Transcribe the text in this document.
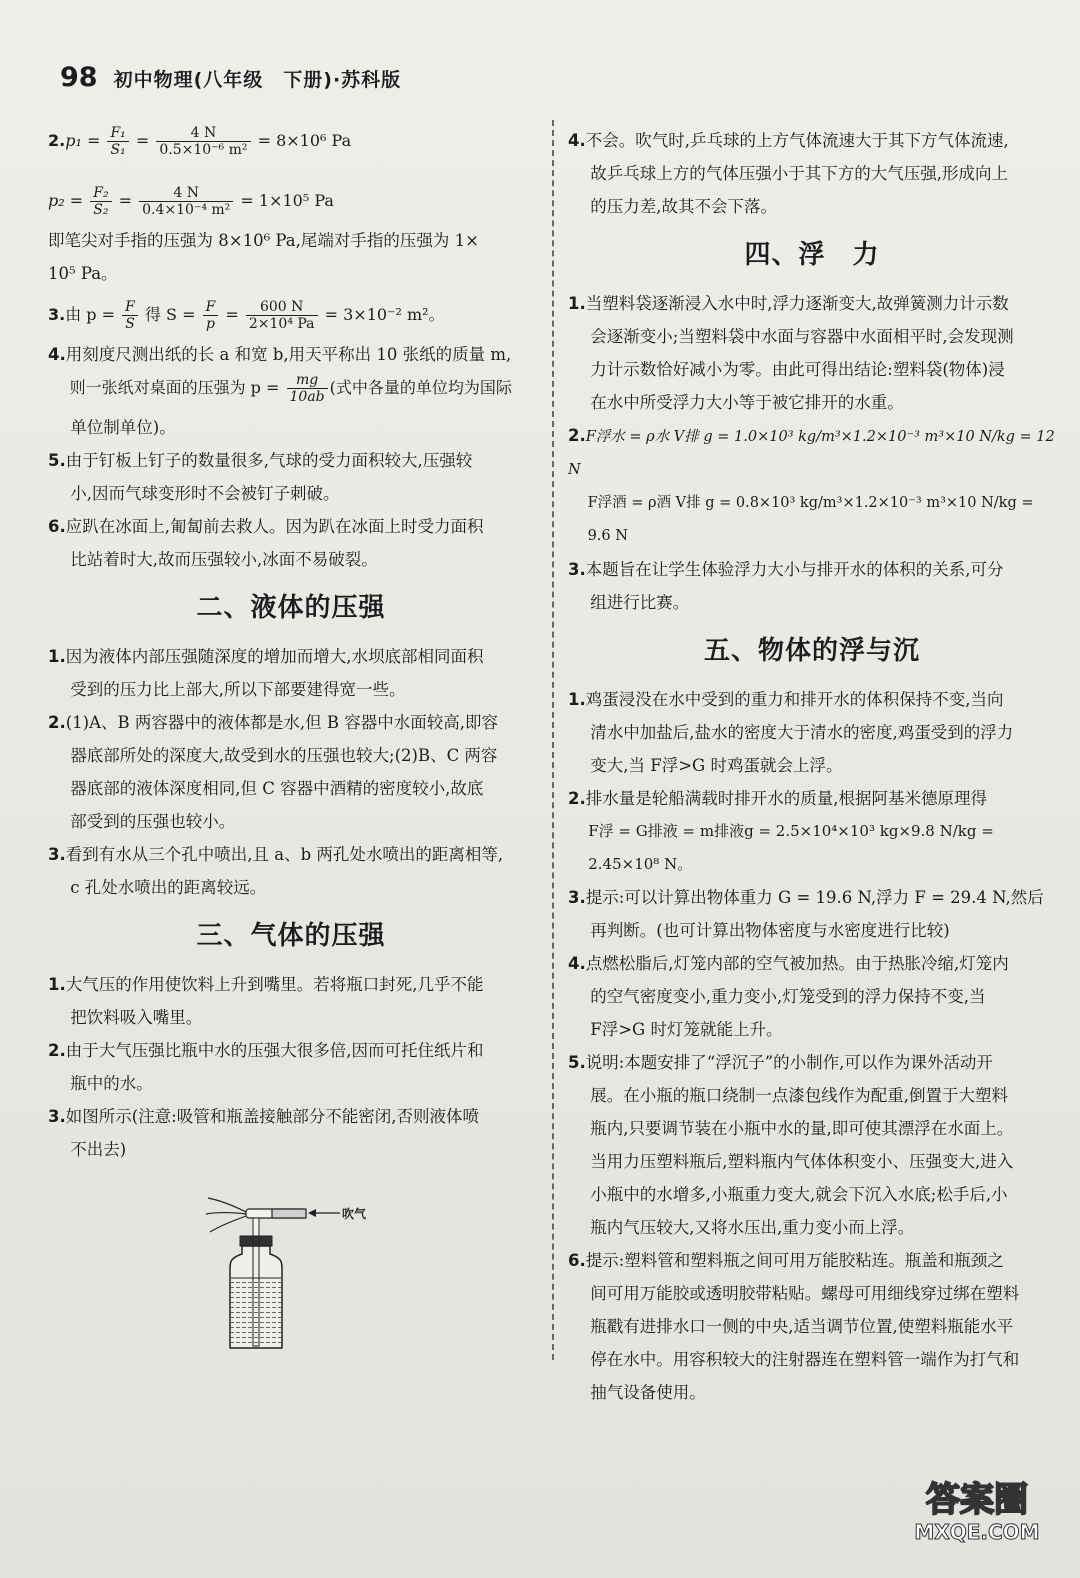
98 初中物理(八年级　下册)·苏科版

$2.p_1 = \frac{\text{F₁}}{\text{S₁}} = \frac{4 N}{\text{0.5×10⁻⁶ m²}} = 8\times 10^6$ Pa

$p_2 = \frac{\text{F₂}}{\text{S₂}} = \frac{4 N}{\text{0.4×10⁻⁴ m²}} = 1\times 10^5$ Pa

即笔尖对手指的压强为 8×10⁶ Pa,尾端对手指的压强为 1×

10⁵ Pa。

3.由 $p = \frac{F}{S}$ 得 $S = \frac{F}{p} = \frac{600 N}{\text{2×10⁴ Pa}} = 3\times 10^{-2}$ m²。

4.用刻度尺测出纸的长 a 和宽 b,用天平称出 10 张纸的质量 m,

则一张纸对桌面的压强为 $p = \frac{mg}{10ab}$ (式中各量的单位均为国际

单位制单位)。

5.由于钉板上钉子的数量很多,气球的受力面积较大,压强较

小,因而气球变形时不会被钉子刺破。

6.应趴在冰面上,匍匐前去救人。因为趴在冰面上时受力面积

比站着时大,故而压强较小,冰面不易破裂。

二、液体的压强

1.因为液体内部压强随深度的增加而增大,水坝底部相同面积

受到的压力比上部大,所以下部要建得宽一些。

2.(1)A、B 两容器中的液体都是水,但 B 容器中水面较高,即容

器底部所处的深度大,故受到水的压强也较大;(2)B、C 两容

器底部的液体深度相同,但 C 容器中酒精的密度较小,故底

部受到的压强也较小。

3.看到有水从三个孔中喷出,且 a、b 两孔处水喷出的距离相等,

c 孔处水喷出的距离较远。

三、气体的压强

1.大气压的作用使饮料上升到嘴里。若将瓶口封死,几乎不能

把饮料吸入嘴里。

2.由于大气压强比瓶中水的压强大很多倍,因而可托住纸片和

瓶中的水。

3.如图所示(注意:吸管和瓶盖接触部分不能密闭,否则液体喷

不出去)

吹气

4.不会。吹气时,乒乓球的上方气体流速大于其下方气体流速,

故乒乓球上方的气体压强小于其下方的大气压强,形成向上

的压力差,故其不会下落。

四、浮　力

1.当塑料袋逐渐浸入水中时,浮力逐渐变大,故弹簧测力计示数

会逐渐变小;当塑料袋中水面与容器中水面相平时,会发现测

力计示数恰好减小为零。由此可得出结论:塑料袋(物体)浸

在水中所受浮力大小等于被它排开的水重。

2.F浮水 = ρ水 V排 g = 1.0×10³ kg/m³×1.2×10⁻³ m³×10 N/kg = 12 N

F浮酒 = ρ酒 V排 g = 0.8×10³ kg/m³×1.2×10⁻³ m³×10 N/kg = 9.6 N

3.本题旨在让学生体验浮力大小与排开水的体积的关系,可分

组进行比赛。

五、物体的浮与沉

1.鸡蛋浸没在水中受到的重力和排开水的体积保持不变,当向

清水中加盐后,盐水的密度大于清水的密度,鸡蛋受到的浮力

变大,当 F浮>G 时鸡蛋就会上浮。

2.排水量是轮船满载时排开水的质量,根据阿基米德原理得

F浮 = G排液 = m排液g = 2.5×10⁴×10³ kg×9.8 N/kg = 2.45×10⁸ N。

3.提示:可以计算出物体重力 G = 19.6 N,浮力 F = 29.4 N,然后

再判断。(也可计算出物体密度与水密度进行比较)

4.点燃松脂后,灯笼内部的空气被加热。由于热胀冷缩,灯笼内

的空气密度变小,重力变小,灯笼受到的浮力保持不变,当

F浮>G 时灯笼就能上升。

5.说明:本题安排了“浮沉子”的小制作,可以作为课外活动开

展。在小瓶的瓶口绕制一点漆包线作为配重,倒置于大塑料

瓶内,只要调节装在小瓶中水的量,即可使其漂浮在水面上。

当用力压塑料瓶后,塑料瓶内气体体积变小、压强变大,进入

小瓶中的水增多,小瓶重力变大,就会下沉入水底;松手后,小

瓶内气压较大,又将水压出,重力变小而上浮。

6.提示:塑料管和塑料瓶之间可用万能胶粘连。瓶盖和瓶颈之

间可用万能胶或透明胶带粘贴。螺母可用细线穿过绑在塑料

瓶戳有进排水口一侧的中央,适当调节位置,使塑料瓶能水平

停在水中。用容积较大的注射器连在塑料管一端作为打气和

抽气设备使用。

答案圈
MXQE.COM
